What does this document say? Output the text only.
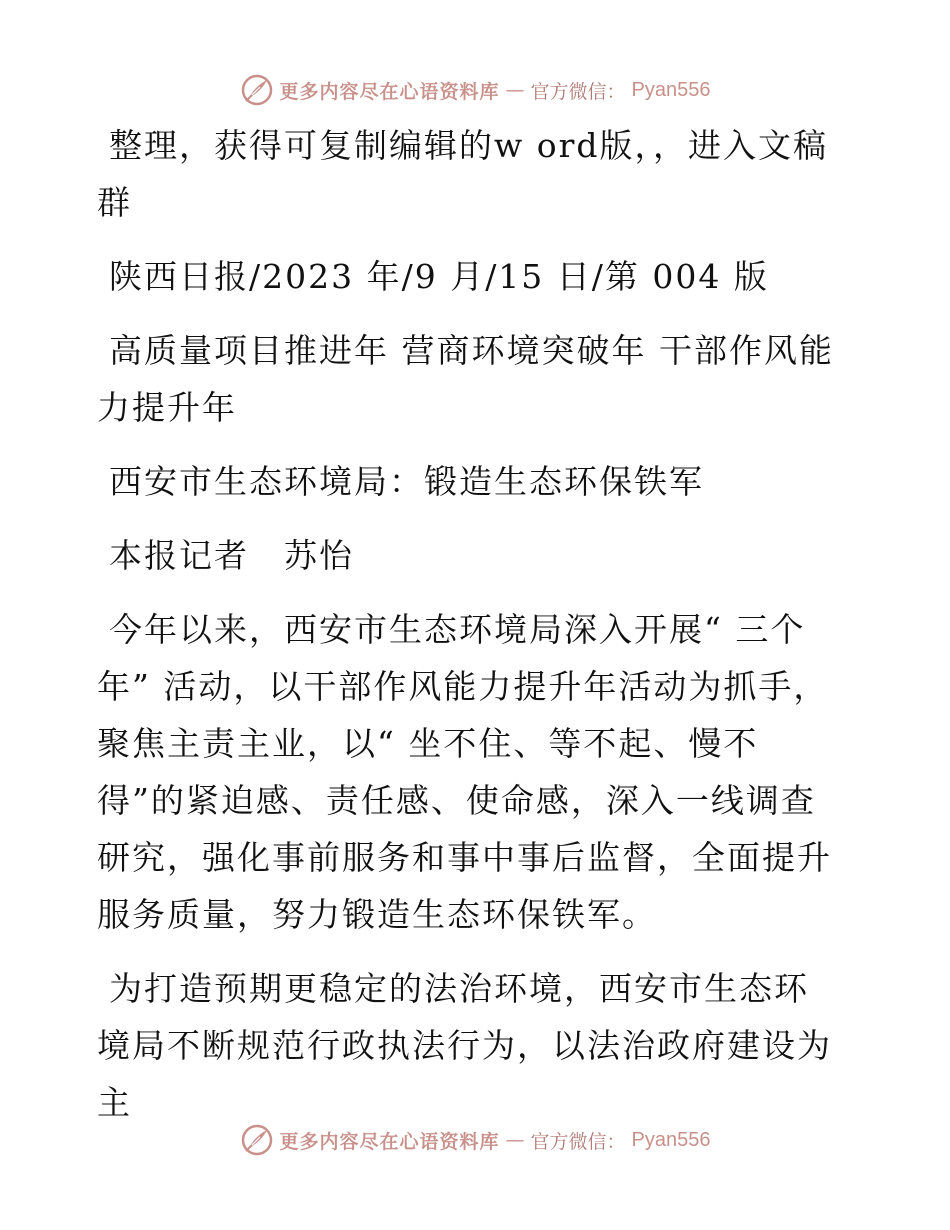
更多内容尽在心语资料库 — 官方微信： Pyan556

整理，获得可复制编辑的w ord版，，进入文稿群

陕西日报/2023 年/9 月/15 日/第 004 版

高质量项目推进年 营商环境突破年 干部作风能力提升年

西安市生态环境局：锻造生态环保铁军

本报记者　苏怡

今年以来，西安市生态环境局深入开展“ 三个年” 活动，以干部作风能力提升年活动为抓手，聚焦主责主业，以“ 坐不住、等不起、慢不得”的紧迫感、责任感、使命感，深入一线调查研究，强化事前服务和事中事后监督，全面提升服务质量，努力锻造生态环保铁军。

为打造预期更稳定的法治环境，西安市生态环境局不断规范行政执法行为，以法治政府建设为主

更多内容尽在心语资料库 — 官方微信： Pyan556
